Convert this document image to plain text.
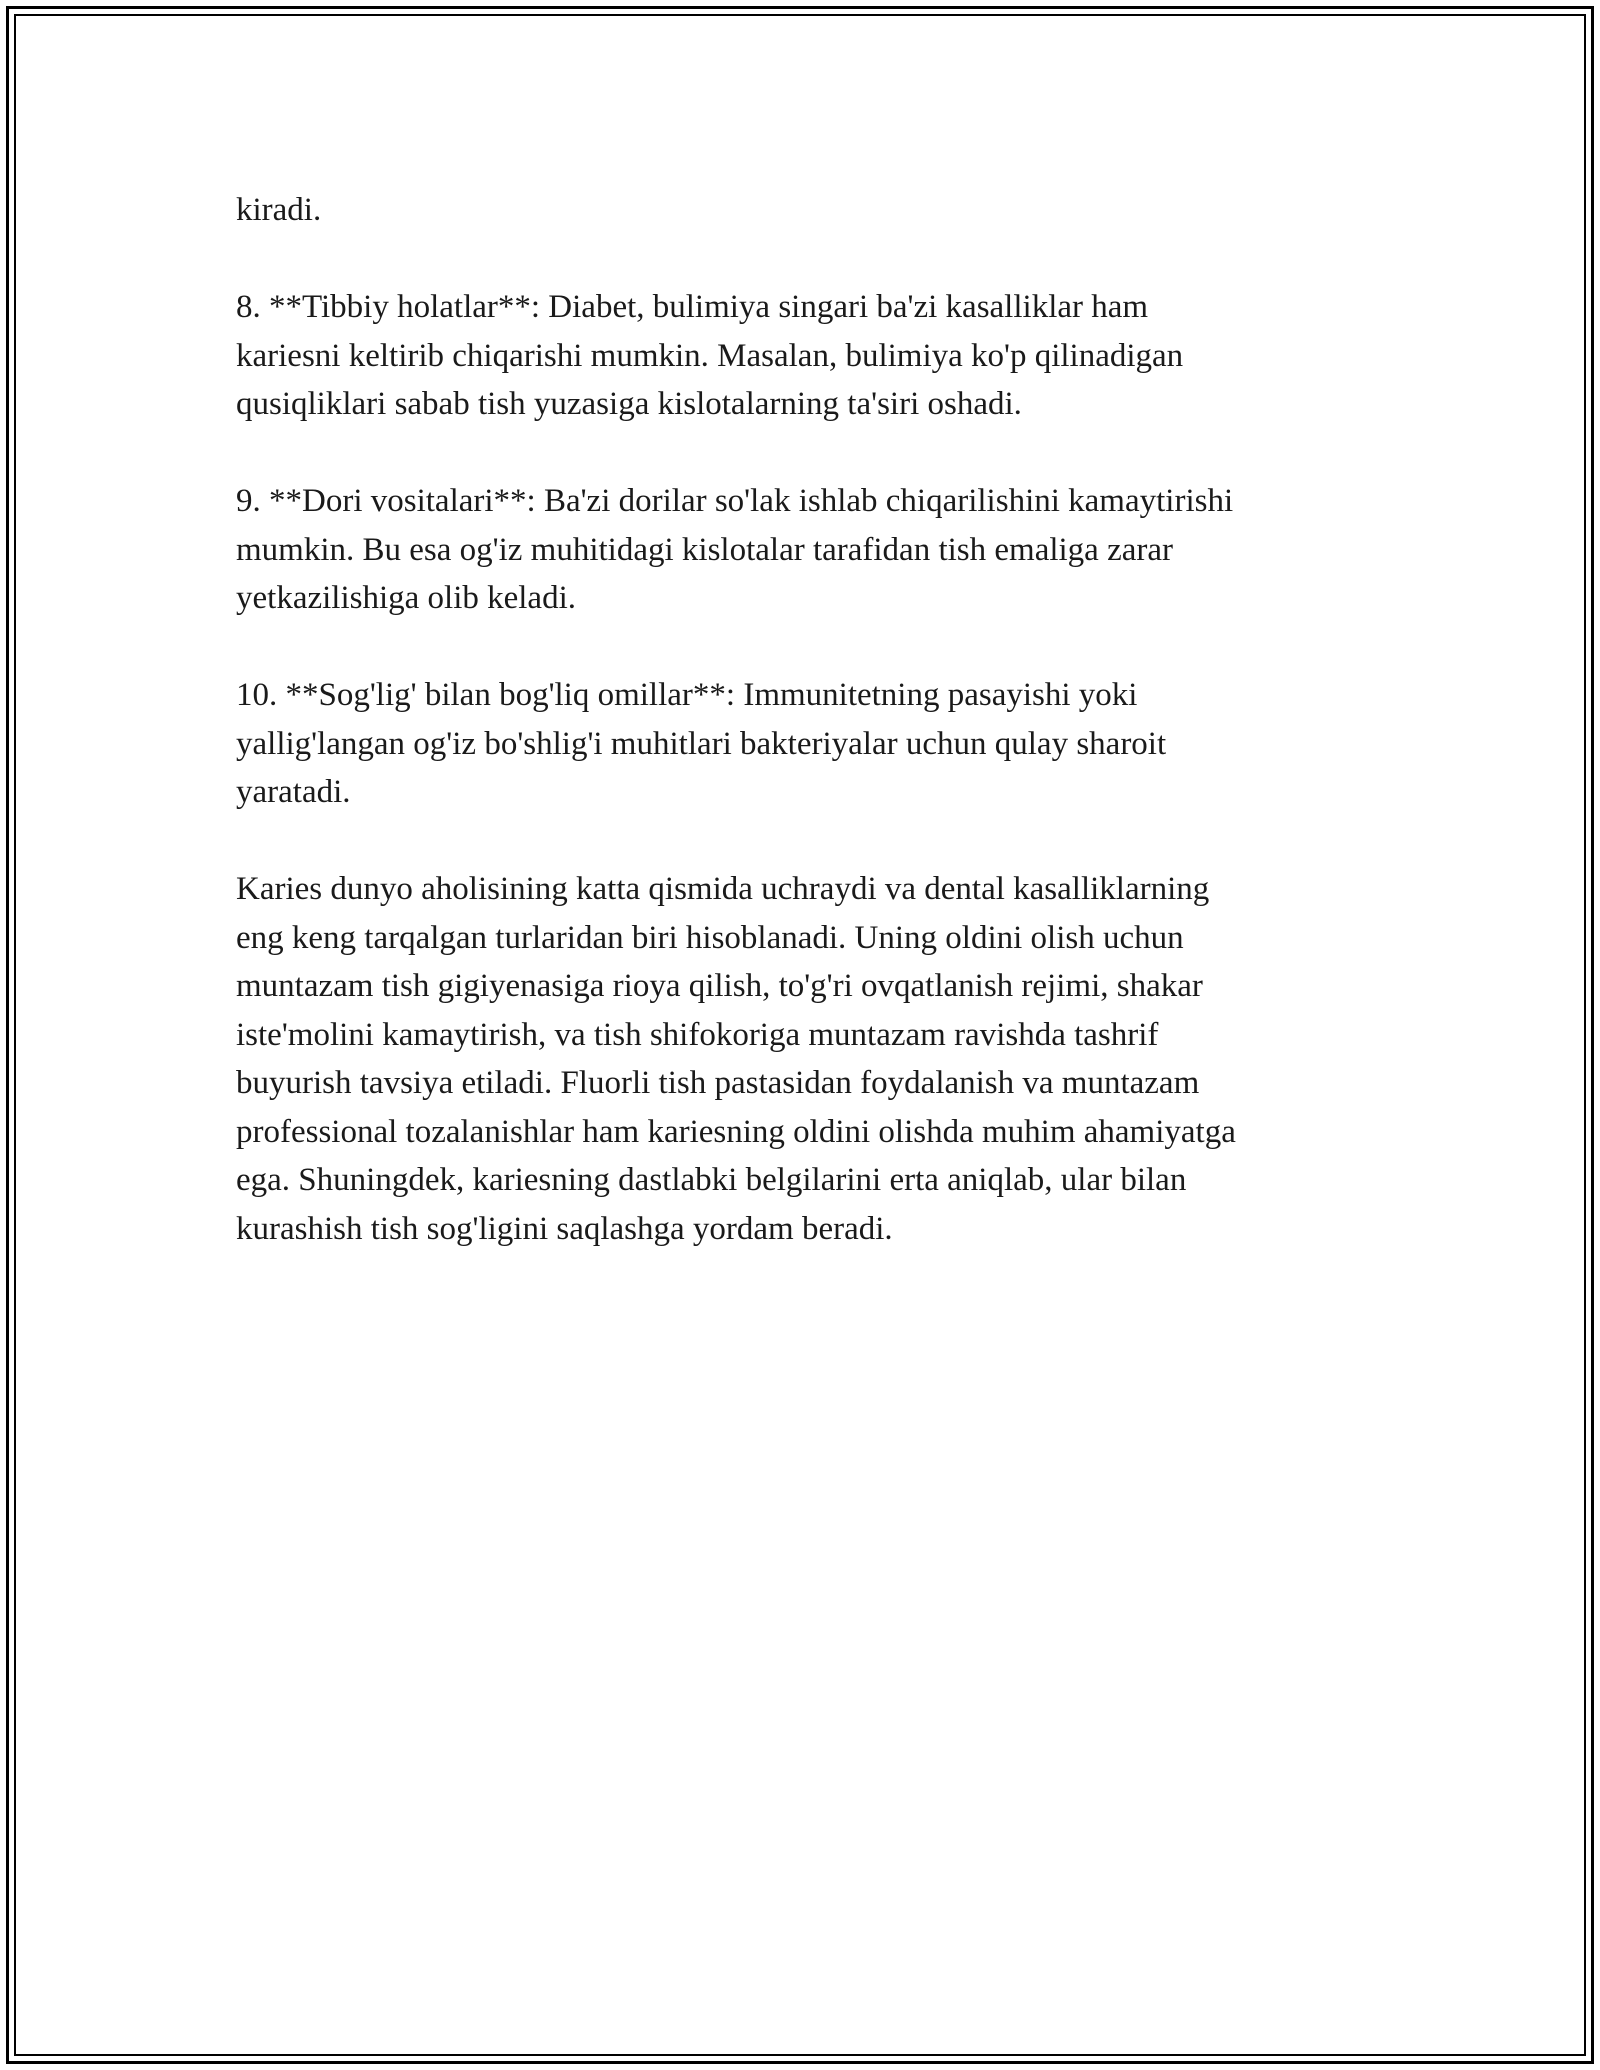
kiradi.

8. **Tibbiy holatlar**: Diabet, bulimiya singari ba'zi kasalliklar ham
kariesni keltirib chiqarishi mumkin. Masalan, bulimiya ko'p qilinadigan
qusiqliklari sabab tish yuzasiga kislotalarning ta'siri oshadi.

9. **Dori vositalari**: Ba'zi dorilar so'lak ishlab chiqarilishini kamaytirishi
mumkin. Bu esa og'iz muhitidagi kislotalar tarafidan tish emaliga zarar
yetkazilishiga olib keladi.

10. **Sog'lig' bilan bog'liq omillar**: Immunitetning pasayishi yoki
yallig'langan og'iz bo'shlig'i muhitlari bakteriyalar uchun qulay sharoit
yaratadi.

Karies dunyo aholisining katta qismida uchraydi va dental kasalliklarning
eng keng tarqalgan turlaridan biri hisoblanadi. Uning oldini olish uchun
muntazam tish gigiyenasiga rioya qilish, to'g'ri ovqatlanish rejimi, shakar
iste'molini kamaytirish, va tish shifokoriga muntazam ravishda tashrif
buyurish tavsiya etiladi. Fluorli tish pastasidan foydalanish va muntazam
professional tozalanishlar ham kariesning oldini olishda muhim ahamiyatga
ega. Shuningdek, kariesning dastlabki belgilarini erta aniqlab, ular bilan
kurashish tish sog'ligini saqlashga yordam beradi.
